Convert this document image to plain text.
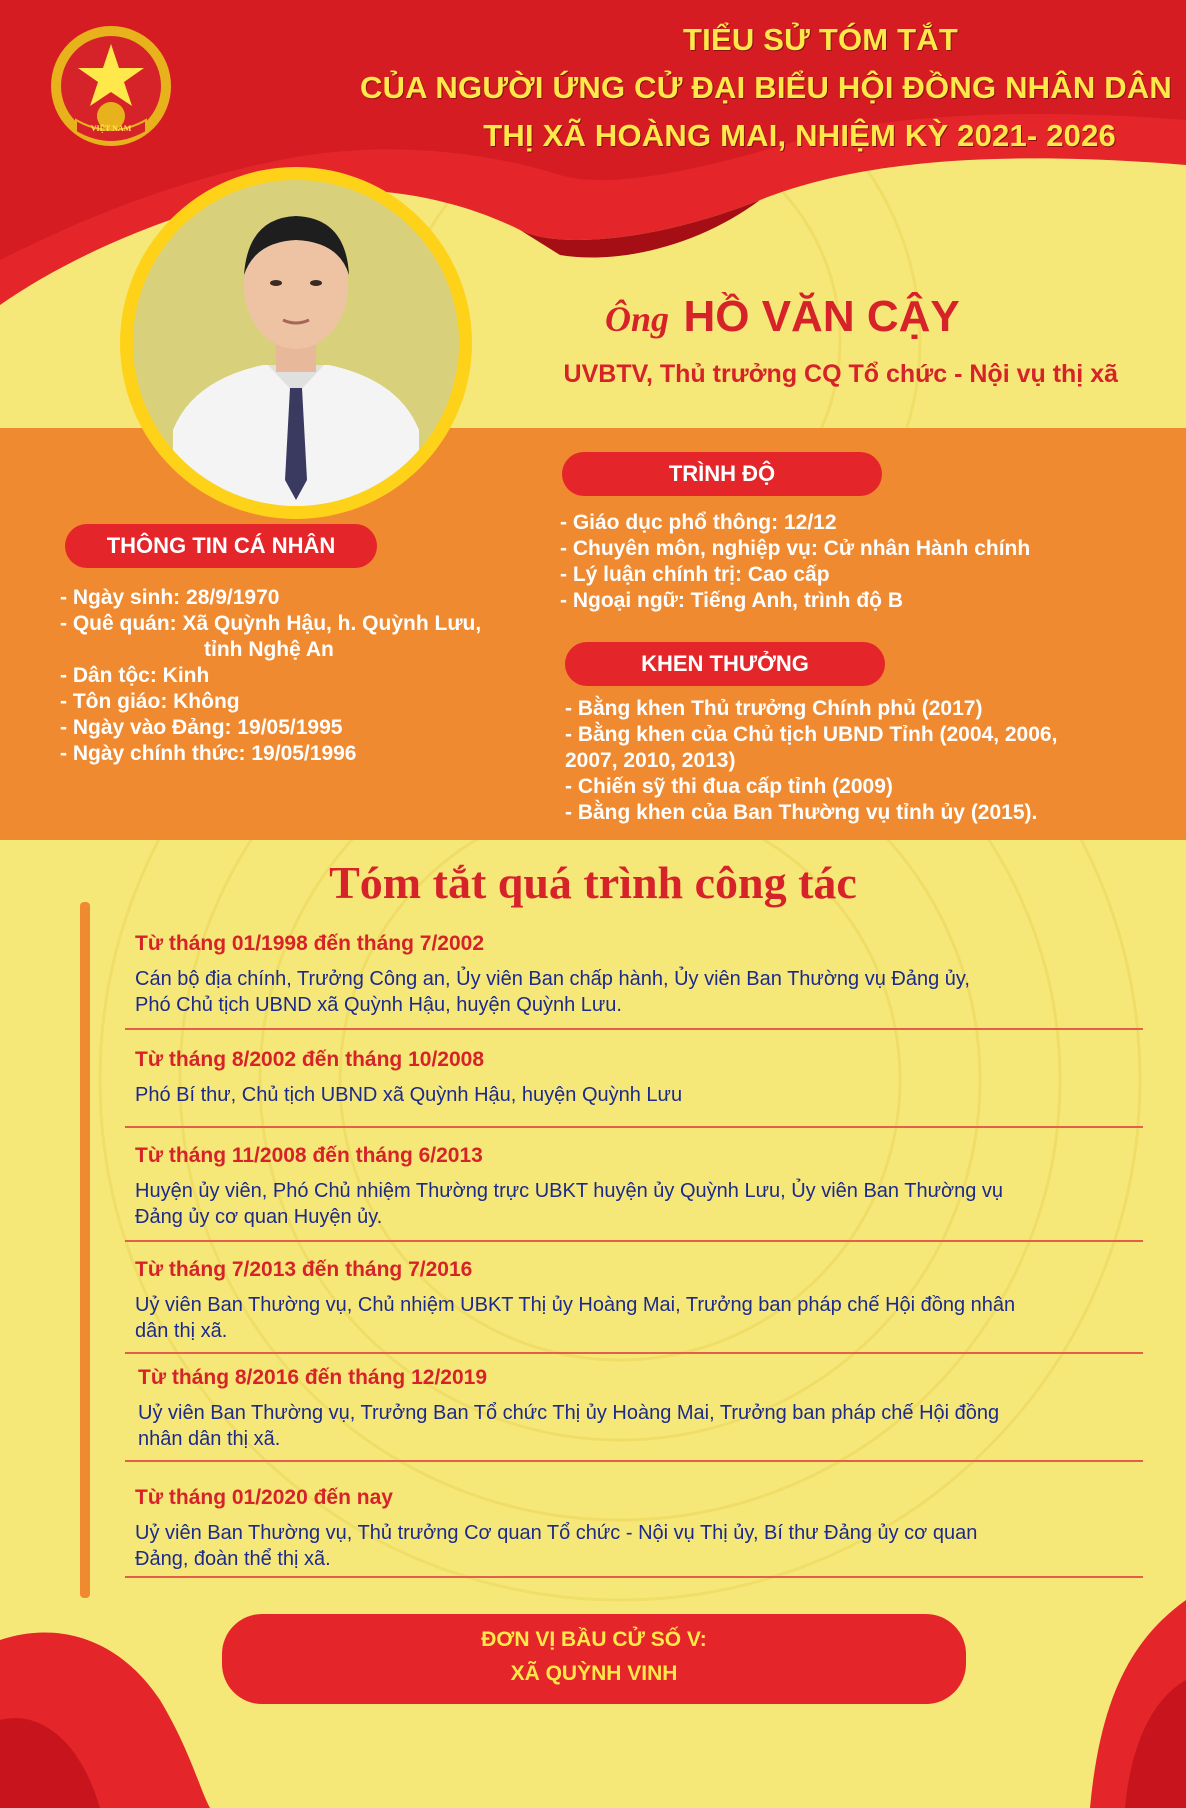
VIỆT NAM
TIỂU SỬ TÓM TẮT
CỦA NGƯỜI ỨNG CỬ ĐẠI BIỂU HỘI ĐỒNG NHÂN DÂN
THỊ XÃ HOÀNG MAI, NHIỆM KỲ 2021- 2026
Ông HỒ VĂN CẬY
UVBTV, Thủ trưởng CQ Tổ chức - Nội vụ thị xã
THÔNG TIN CÁ NHÂN
- Ngày sinh: 28/9/1970
- Quê quán: Xã Quỳnh Hậu, h. Quỳnh Lưu,
tỉnh Nghệ An
- Dân tộc: Kinh
- Tôn giáo: Không
- Ngày vào Đảng: 19/05/1995
- Ngày chính thức: 19/05/1996
TRÌNH ĐỘ
- Giáo dục phổ thông: 12/12
- Chuyên môn, nghiệp vụ: Cử nhân Hành chính
- Lý luận chính trị: Cao cấp
- Ngoại ngữ: Tiếng Anh, trình độ B
KHEN THƯỞNG
- Bằng khen Thủ trưởng Chính phủ (2017)
- Bằng khen của Chủ tịch UBND Tỉnh (2004, 2006,
2007, 2010, 2013)
- Chiến sỹ thi đua cấp tỉnh (2009)
- Bằng khen của Ban Thường vụ tỉnh ủy (2015).
Tóm tắt quá trình công tác
Từ tháng 01/1998 đến tháng 7/2002
Cán bộ địa chính, Trưởng Công an, Ủy viên Ban chấp hành, Ủy viên Ban Thường vụ Đảng ủy,
Phó Chủ tịch UBND xã Quỳnh Hậu, huyện Quỳnh Lưu.
Từ tháng 8/2002 đến tháng 10/2008
Phó Bí thư, Chủ tịch UBND xã Quỳnh Hậu, huyện Quỳnh Lưu
Từ tháng 11/2008 đến tháng 6/2013
Huyện ủy viên, Phó Chủ nhiệm Thường trực UBKT huyện ủy Quỳnh Lưu, Ủy viên Ban Thường vụ
Đảng ủy cơ quan Huyện ủy.
Từ tháng 7/2013 đến tháng 7/2016
Uỷ viên Ban Thường vụ, Chủ nhiệm UBKT Thị ủy Hoàng Mai, Trưởng ban pháp chế Hội đồng nhân
dân thị xã.
Từ tháng 8/2016 đến tháng 12/2019
Uỷ viên Ban Thường vụ, Trưởng Ban Tổ chức Thị ủy Hoàng Mai, Trưởng ban pháp chế Hội đồng
nhân dân thị xã.
Từ tháng 01/2020 đến nay
Uỷ viên Ban Thường vụ, Thủ trưởng Cơ quan Tổ chức - Nội vụ Thị ủy, Bí thư Đảng ủy cơ quan
Đảng, đoàn thể thị xã.
ĐƠN VỊ BẦU CỬ SỐ V:
XÃ QUỲNH VINH
